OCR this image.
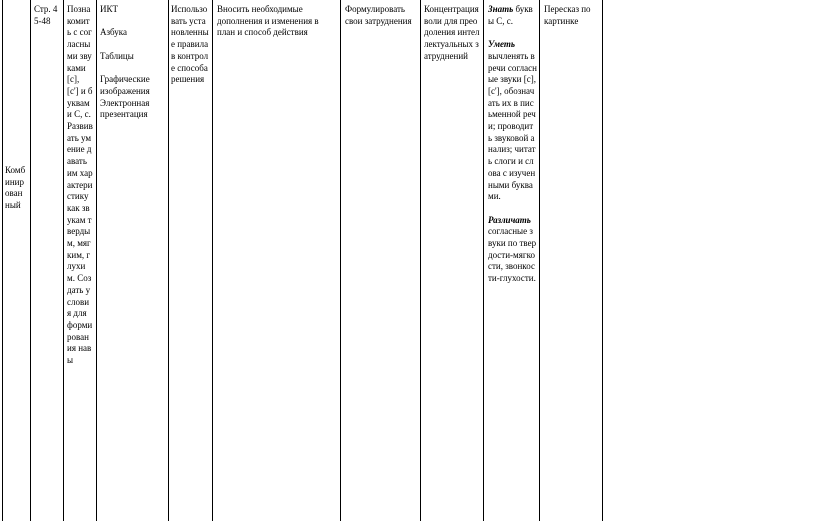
Комбинированный
Стр. 45-48
Познакомить с согласными звуками [с], [с'] и буквами С, с. Развивать умение давать им характеристику как звукам твердым, мягким, глухим. Создать условия для формирования навы
ИКТ
Азбука
Таблицы
Графические изображения
Электронная презентация
Использовать установленные правила в контроле способа решения
Вносить необходимые дополнения и изменения в план и способ действия
Формулировать свои затруднения
Концентрация воли для преодоления интеллектуальных затруднений
Знать буквы С, с.
Уметь
вычленять в речи согласные звуки [с], [с'], обозначать их в письменной речи; проводить звуковой анализ; читать слоги и слова с изученными буквами.
Различать
согласные звуки по твердости-мягкости, звонкости-глухости.
Пересказ по картинке
